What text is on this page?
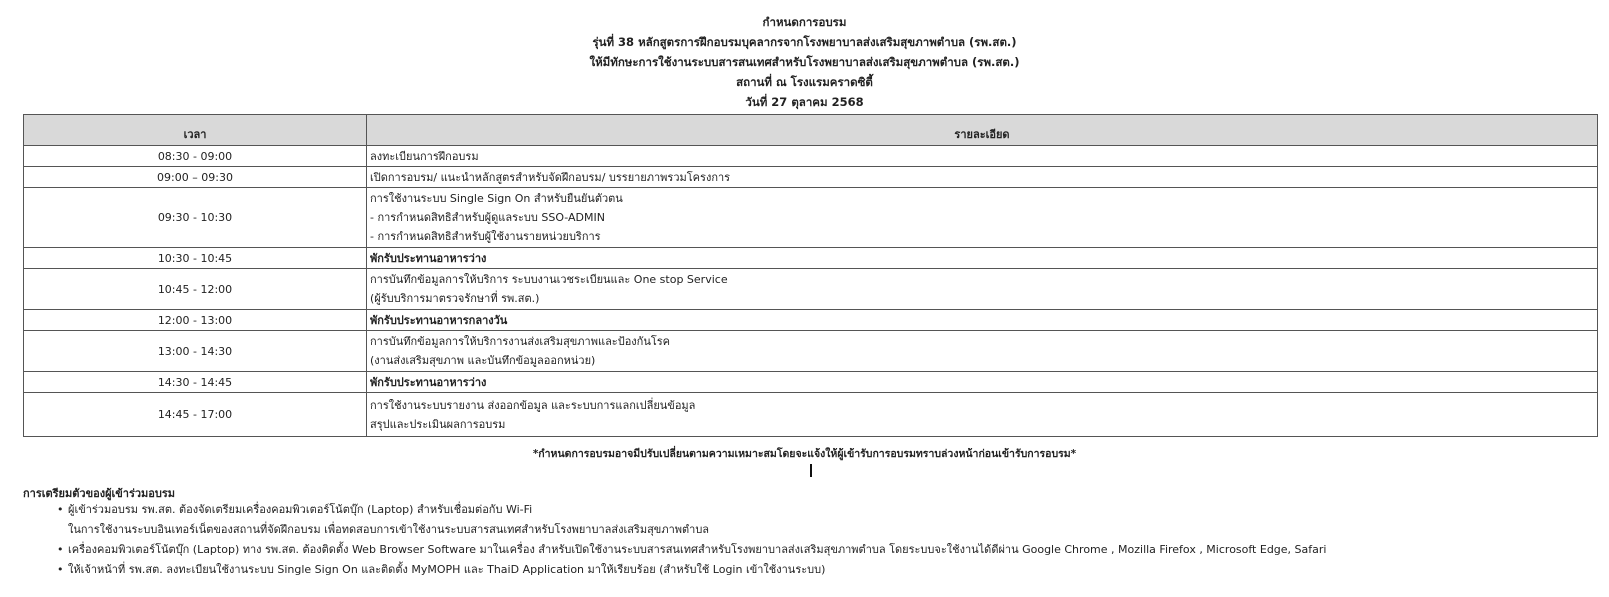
กำหนดการอบรม
รุ่นที่ 38 หลักสูตรการฝึกอบรมบุคลากรจากโรงพยาบาลส่งเสริมสุขภาพตำบล (รพ.สต.)
ให้มีทักษะการใช้งานระบบสารสนเทศสำหรับโรงพยาบาลส่งเสริมสุขภาพตำบล (รพ.สต.)
สถานที่ ณ โรงแรมคราดซิตี้
วันที่ 27 ตุลาคม 2568
เวลา	รายละเอียด
08:30 - 09:00	ลงทะเบียนการฝึกอบรม

09:00 – 09:30	เปิดการอบรม/ แนะนำหลักสูตรสำหรับจัดฝึกอบรม/ บรรยายภาพรวมโครงการ

09:30 - 10:30	การใช้งานระบบ Single Sign On สำหรับยืนยันตัวตน
- การกำหนดสิทธิสำหรับผู้ดูแลระบบ SSO-ADMIN
- การกำหนดสิทธิสำหรับผู้ใช้งานรายหน่วยบริการ

10:30 - 10:45	พักรับประทานอาหารว่าง

10:45 - 12:00	การบันทึกข้อมูลการให้บริการ ระบบงานเวชระเบียนและ One stop Service
(ผู้รับบริการมาตรวจรักษาที่ รพ.สต.)

12:00 - 13:00	พักรับประทานอาหารกลางวัน

13:00 - 14:30	การบันทึกข้อมูลการให้บริการงานส่งเสริมสุขภาพและป้องกันโรค
(งานส่งเสริมสุขภาพ และบันทึกข้อมูลออกหน่วย)

14:30 - 14:45	พักรับประทานอาหารว่าง

14:45 - 17:00	การใช้งานระบบรายงาน ส่งออกข้อมูล และระบบการแลกเปลี่ยนข้อมูล
สรุปและประเมินผลการอบรม
*กำหนดการอบรมอาจมีปรับเปลี่ยนตามความเหมาะสมโดยจะแจ้งให้ผู้เข้ารับการอบรมทราบล่วงหน้าก่อนเข้ารับการอบรม*
การเตรียมตัวของผู้เข้าร่วมอบรม
• ผู้เข้าร่วมอบรม รพ.สต. ต้องจัดเตรียมเครื่องคอมพิวเตอร์โน้ตบุ๊ก (Laptop) สำหรับเชื่อมต่อกับ Wi-Fi
ในการใช้งานระบบอินเทอร์เน็ตของสถานที่จัดฝึกอบรม เพื่อทดสอบการเข้าใช้งานระบบสารสนเทศสำหรับโรงพยาบาลส่งเสริมสุขภาพตำบล
• เครื่องคอมพิวเตอร์โน้ตบุ๊ก (Laptop) ทาง รพ.สต. ต้องติดตั้ง Web Browser Software มาในเครื่อง สำหรับเปิดใช้งานระบบสารสนเทศสำหรับโรงพยาบาลส่งเสริมสุขภาพตำบล โดยระบบจะใช้งานได้ดีผ่าน Google Chrome , Mozilla Firefox , Microsoft Edge, Safari
• ให้เจ้าหน้าที่ รพ.สต. ลงทะเบียนใช้งานระบบ Single Sign On และติดตั้ง MyMOPH และ ThaiD Application มาให้เรียบร้อย (สำหรับใช้ Login เข้าใช้งานระบบ)
